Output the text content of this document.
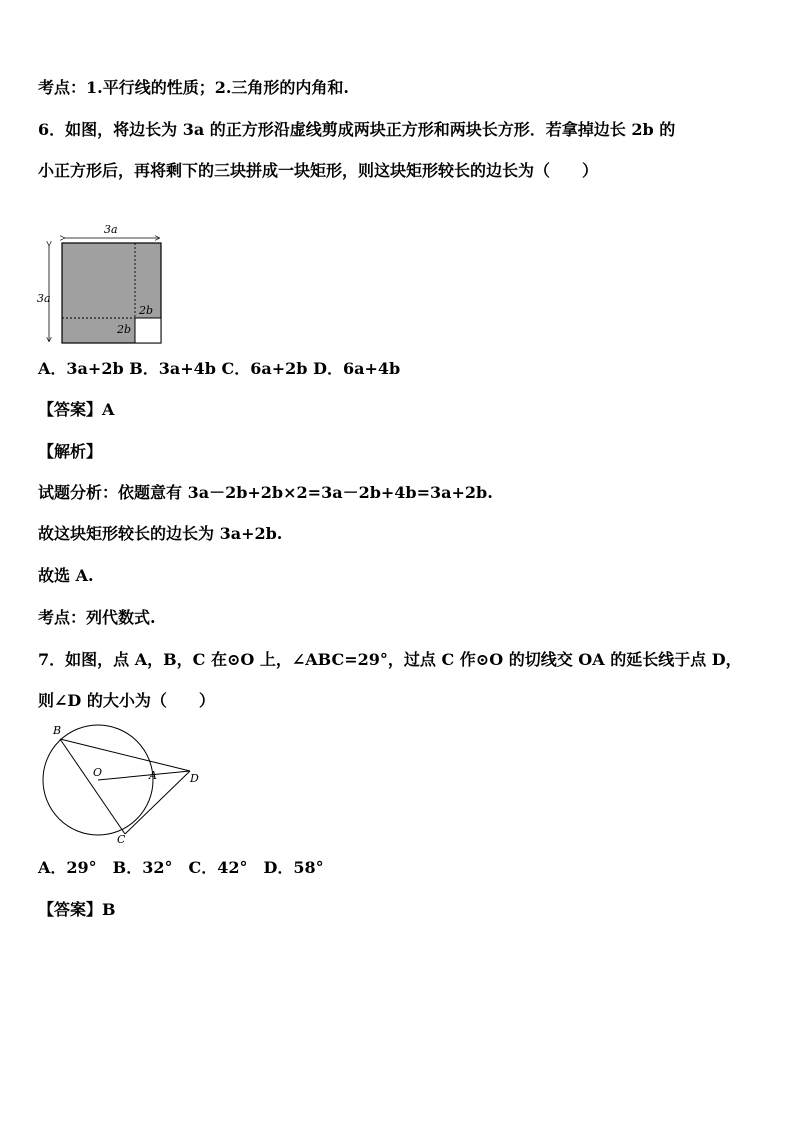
考点：1.平行线的性质；2.三角形的内角和.
6．如图，将边长为 3a 的正方形沿虚线剪成两块正方形和两块长方形．若拿掉边长 2b 的
小正方形后，再将剩下的三块拼成一块矩形，则这块矩形较长的边长为（　　）
3a
3a
2b
2b
A．3a+2b B．3a+4b C．6a+2b D．6a+4b
【答案】A
【解析】
试题分析：依题意有 3a－2b+2b×2=3a－2b+4b=3a+2b.
故这块矩形较长的边长为 3a+2b.
故选 A.
考点：列代数式.
7．如图，点 A，B，C 在⊙O 上，∠ABC=29°，过点 C 作⊙O 的切线交 OA 的延长线于点 D，
则∠D 的大小为（　　）
B
O	A	D
C
A．29°　B．32°　C．42°　D．58°
【答案】B
